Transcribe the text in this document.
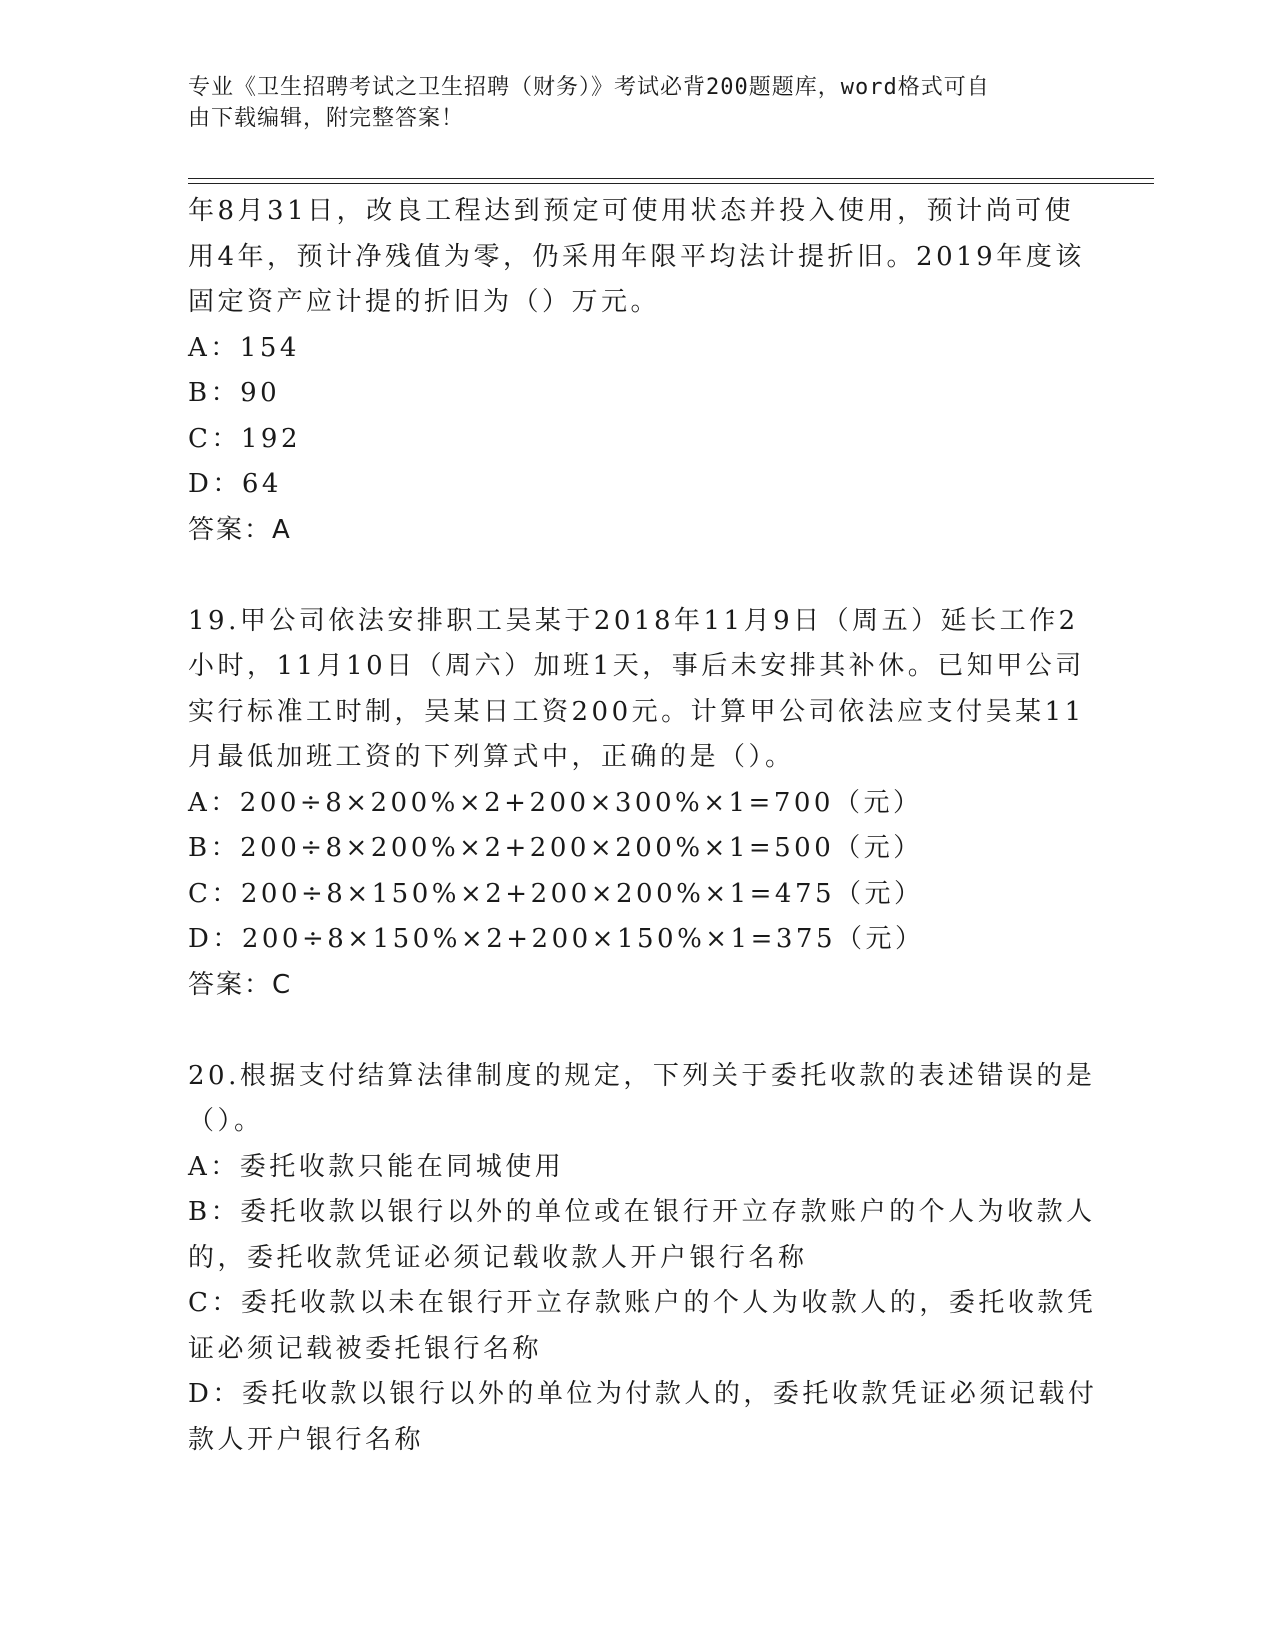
专业《卫生招聘考试之卫生招聘（财务）》考试必背200题题库，word格式可自
由下载编辑，附完整答案！
年8月31日，改良工程达到预定可使用状态并投入使用，预计尚可使
用4年，预计净残值为零，仍采用年限平均法计提折旧。2019年度该
固定资产应计提的折旧为（）万元。
A：154
B：90
C：192
D：64
答案：A
19.甲公司依法安排职工吴某于2018年11月9日（周五）延长工作2
小时，11月10日（周六）加班1天，事后未安排其补休。已知甲公司
实行标准工时制，吴某日工资200元。计算甲公司依法应支付吴某11
月最低加班工资的下列算式中，正确的是（）。
A：200÷8×200%×2+200×300%×1=700（元）
B：200÷8×200%×2+200×200%×1=500（元）
C：200÷8×150%×2+200×200%×1=475（元）
D：200÷8×150%×2+200×150%×1=375（元）
答案：C
20.根据支付结算法律制度的规定，下列关于委托收款的表述错误的是
（）。
A：委托收款只能在同城使用
B：委托收款以银行以外的单位或在银行开立存款账户的个人为收款人
的，委托收款凭证必须记载收款人开户银行名称
C：委托收款以未在银行开立存款账户的个人为收款人的，委托收款凭
证必须记载被委托银行名称
D：委托收款以银行以外的单位为付款人的，委托收款凭证必须记载付
款人开户银行名称
